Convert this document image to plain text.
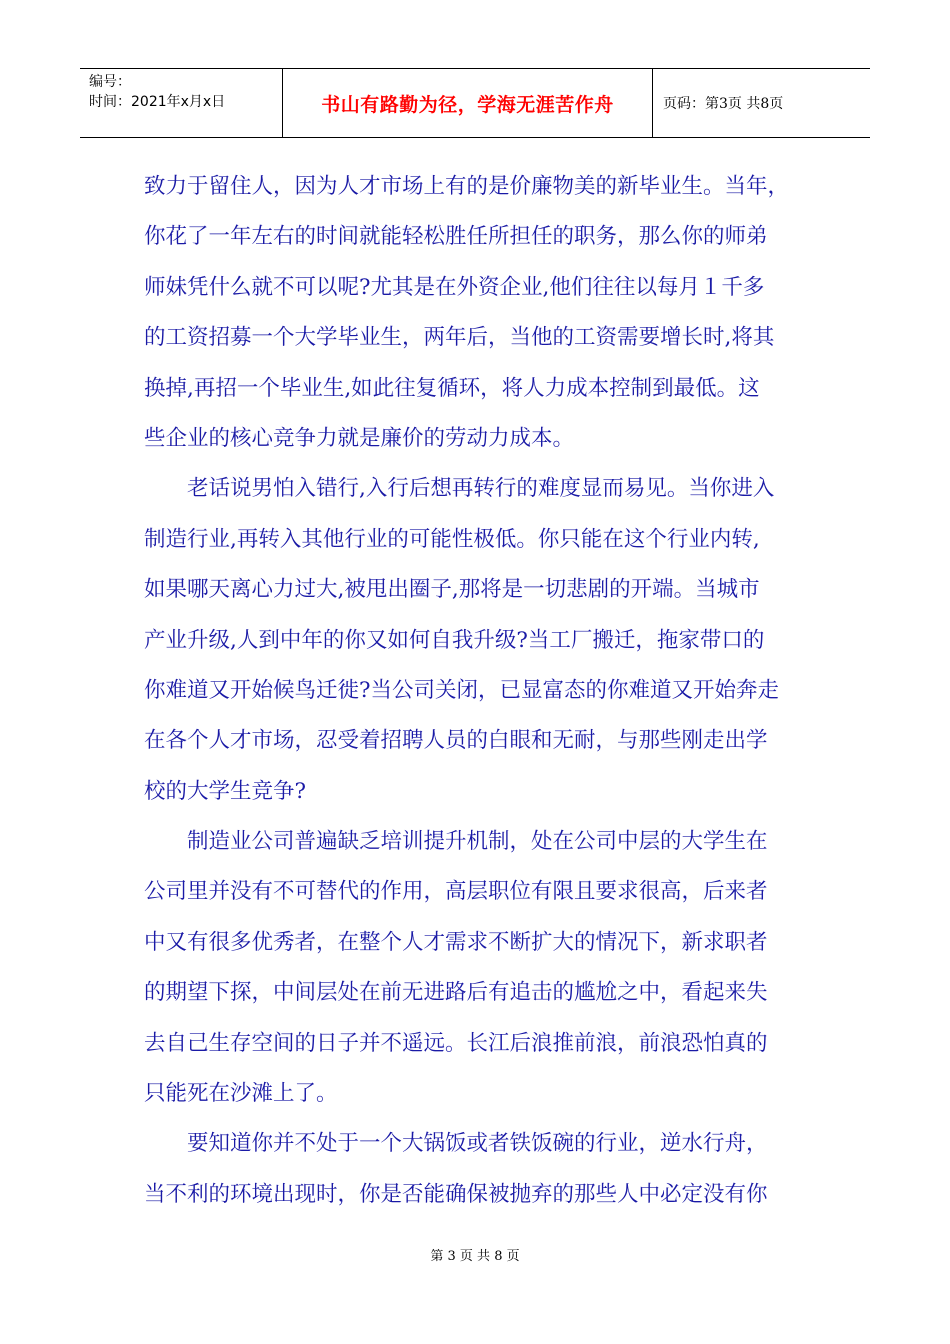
编号：
时间：2021年x月x日	书山有路勤为径，学海无涯苦作舟	页码：第3页 共8页

致力于留住人，因为人才市场上有的是价廉物美的新毕业生。当年，
你花了一年左右的时间就能轻松胜任所担任的职务，那么你的师弟
师妹凭什么就不可以呢?尤其是在外资企业,他们往往以每月１千多
的工资招募一个大学毕业生，两年后，当他的工资需要增长时,将其
换掉,再招一个毕业生,如此往复循环，将人力成本控制到最低。这
些企业的核心竞争力就是廉价的劳动力成本。

老话说男怕入错行,入行后想再转行的难度显而易见。当你进入
制造行业,再转入其他行业的可能性极低。你只能在这个行业内转,
如果哪天离心力过大,被甩出圈子,那将是一切悲剧的开端。当城市
产业升级,人到中年的你又如何自我升级?当工厂搬迁，拖家带口的
你难道又开始候鸟迁徙?当公司关闭，已显富态的你难道又开始奔走
在各个人才市场，忍受着招聘人员的白眼和无耐，与那些刚走出学
校的大学生竞争?

制造业公司普遍缺乏培训提升机制，处在公司中层的大学生在
公司里并没有不可替代的作用，高层职位有限且要求很高，后来者
中又有很多优秀者，在整个人才需求不断扩大的情况下，新求职者
的期望下探，中间层处在前无进路后有追击的尴尬之中，看起来失
去自己生存空间的日子并不遥远。长江后浪推前浪，前浪恐怕真的
只能死在沙滩上了。

要知道你并不处于一个大锅饭或者铁饭碗的行业，逆水行舟，
当不利的环境出现时，你是否能确保被抛弃的那些人中必定没有你

第 3 页 共 8 页
